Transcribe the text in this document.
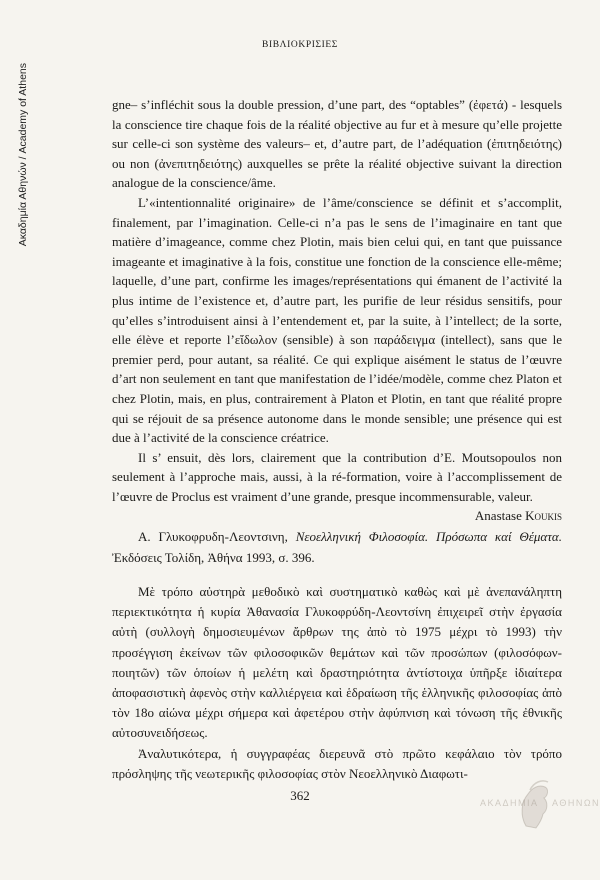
Ακαδημία Αθηνών / Academy of Athens
ΒΙΒΛΙΟΚΡΙΣΙΕΣ

gne– s’infléchit sous la double pression, d’une part, des “optables” (ἐφετά) - lesquels la conscience tire chaque fois de la réalité objective au fur et à mesure qu’elle projette sur celle-ci son système des valeurs– et, d’autre part, de l’adéquation (ἐπιτηδειότης) ou non (ἀνεπιτηδειότης) auxquelles se prête la réalité objective suivant la direction analogue de la conscience/âme.

L’«intentionnalité originaire» de l’âme/conscience se définit et s’accomplit, finalement, par l’imagination. Celle-ci n’a pas le sens de l’imaginaire en tant que matière d’imageance, comme chez Plotin, mais bien celui qui, en tant que puissance imageante et imaginative à la fois, constitue une fonction de la conscience elle-même; laquelle, d’une part, confirme les images/représentations qui émanent de l’activité la plus intime de l’existence et, d’autre part, les purifie de leur résidus sensitifs, pour qu’elles s’introduisent ainsi à l’entendement et, par la suite, à l’intellect; de la sorte, elle élève et reporte l’εἴδωλον (sensible) à son παράδειγμα (intellect), sans que le premier perd, pour autant, sa réalité. Ce qui explique aisément le status de l’œuvre d’art non seulement en tant que manifestation de l’idée/modèle, comme chez Platon et chez Plotin, mais, en plus, contrairement à Platon et Plotin, en tant que réalité propre qui se réjouit de sa présence autonome dans le monde sensible; une présence qui est due à l’activité de la conscience créatrice.

Il s’ ensuit, dès lors, clairement que la contribution d’E. Moutsopoulos non seulement à l’approche mais, aussi, à la ré-formation, voire à l’accomplissement de l’œuvre de Proclus est vraiment d’une grande, presque incommensurable, valeur.

Anastase Koukis

Α. Γλυκοφρυδη-Λεοντσινη, Νεοελληνική Φιλοσοφία. Πρόσωπα καί Θέματα. Ἐκδόσεις Τολίδη, Ἀθήνα 1993, σ. 396.

Μὲ τρόπο αὐστηρὰ μεθοδικὸ καὶ συστηματικὸ καθὼς καὶ μὲ ἀνεπανάληπτη περιεκτικότητα ἡ κυρία Ἀθανασία Γλυκοφρύδη-Λεοντσίνη ἐπιχειρεῖ στὴν ἐργασία αὐτὴ (συλλογὴ δημοσιευμένων ἄρθρων της ἀπὸ τὸ 1975 μέχρι τὸ 1993) τὴν προσέγγιση ἐκείνων τῶν φιλοσοφικῶν θεμάτων καὶ τῶν προσώπων (φιλοσόφων-ποιητῶν) τῶν ὁποίων ἡ μελέτη καὶ δραστηριότητα ἀντίστοιχα ὑπῆρξε ἰδιαίτερα ἀποφασιστικὴ ἀφενὸς στὴν καλλιέργεια καὶ ἑδραίωση τῆς ἑλληνικῆς φιλοσοφίας ἀπὸ τὸν 18ο αἰώνα μέχρι σήμερα καὶ ἀφετέρου στὴν ἀφύπνιση καὶ τόνωση τῆς ἐθνικῆς αὐτοσυνειδήσεως.

Ἀναλυτικότερα, ἡ συγγραφέας διερευνᾶ στὸ πρῶτο κεφάλαιο τὸν τρόπο πρόσληψης τῆς νεωτερικῆς φιλοσοφίας στὸν Νεοελληνικὸ Διαφωτι-

362	ΑΚΑΔΗΜΙΑ ΑΘΗΝΩΝ
